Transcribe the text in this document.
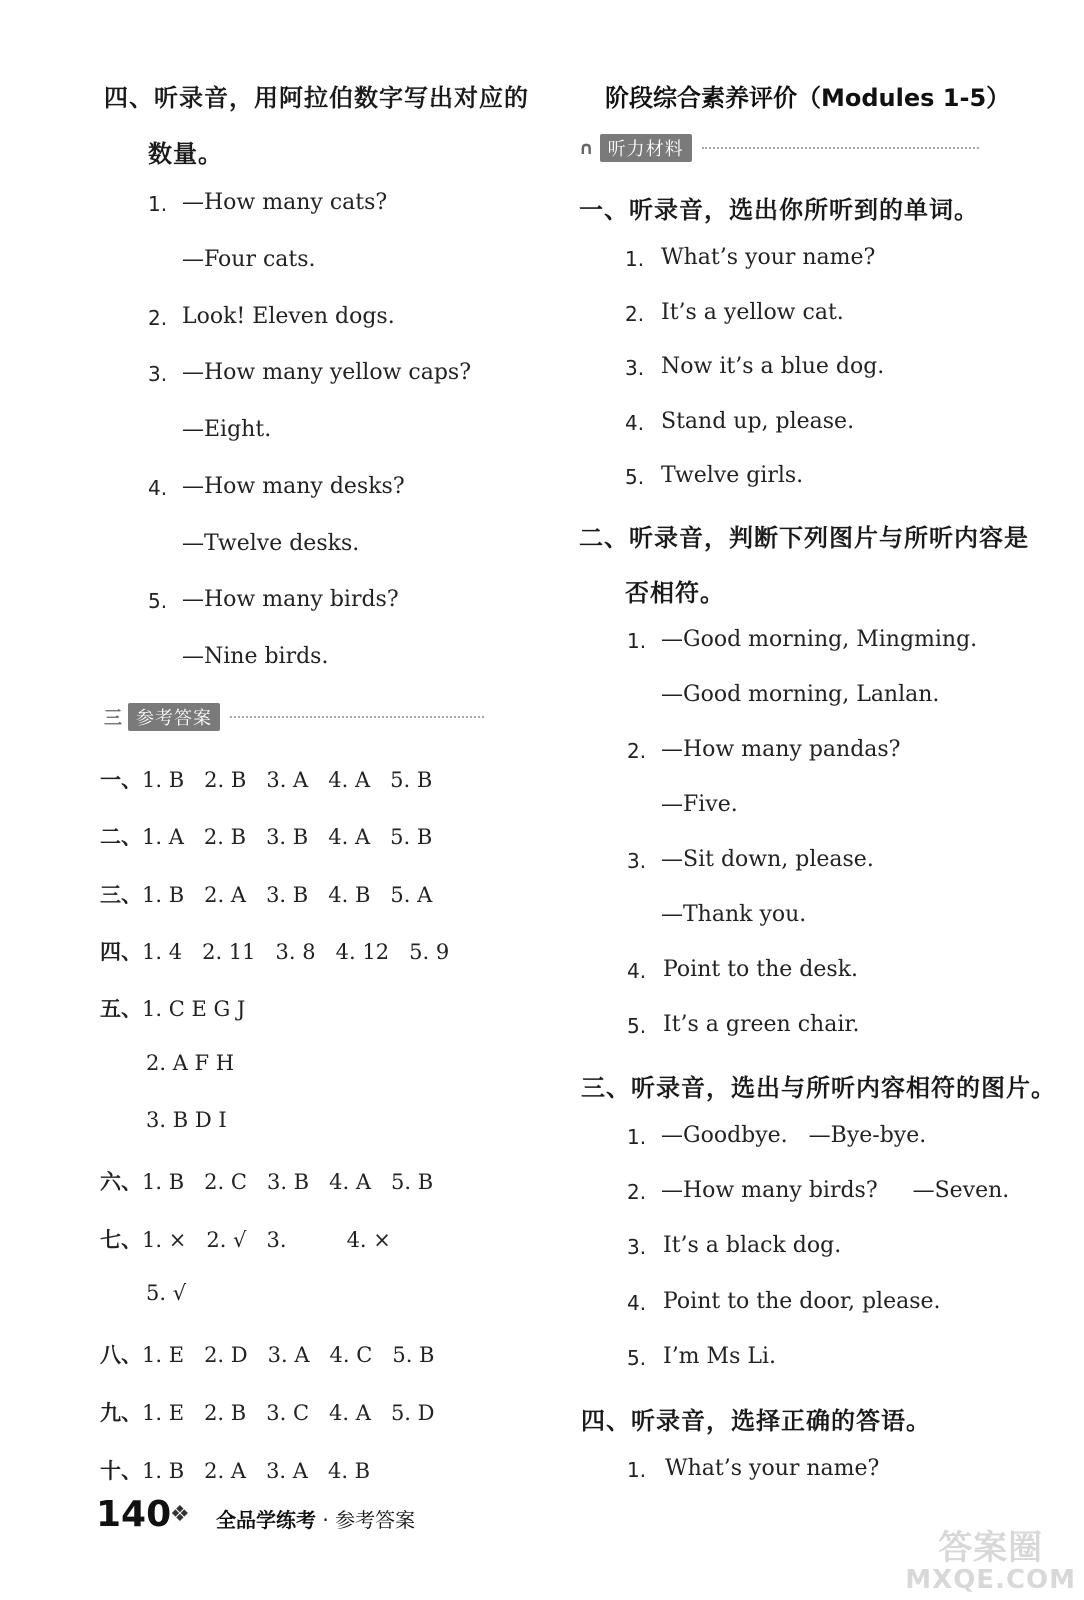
四、听录音，用阿拉伯数字写出对应的
数量。
1. —How many cats?
—Four cats.
2. Look! Eleven dogs.
3. —How many yellow caps?
—Eight.
4. —How many desks?
—Twelve desks.
5. —How many birds?
—Nine birds.
三 参考答案
一、1. B   2. B   3. A   4. A   5. B
二、1. A   2. B   3. B   4. A   5. B
三、1. B   2. A   3. B   4. B   5. A
四、1. 4   2. 11   3. 8   4. 12   5. 9
五、1. C E G J
2. A F H
3. B D I
六、1. B   2. C   3. B   4. A   5. B
七、1. ×   2. √   3.         4. ×
5. √
八、1. E   2. D   3. A   4. C   5. B
九、1. E   2. B   3. C   4. A   5. D
十、1. B   2. A   3. A   4. B
140
❖ 全品学练考 · 参考答案
阶段综合素养评价（Modules 1-5）
∩ 听力材料
一、听录音，选出你所听到的单词。
1. What’s your name?
2. It’s a yellow cat.
3. Now it’s a blue dog.
4. Stand up, please.
5. Twelve girls.
二、听录音，判断下列图片与所听内容是
否相符。
1. —Good morning, Mingming.
—Good morning, Lanlan.
2. —How many pandas?
—Five.
3. —Sit down, please.
—Thank you.
4. Point to the desk.
5. It’s a green chair.
三、听录音，选出与所听内容相符的图片。
1. —Goodbye.   —Bye-bye.
2. —How many birds?     —Seven.
3. It’s a black dog.
4. Point to the door, please.
5. I’m Ms Li.
四、听录音，选择正确的答语。
1. What’s your name?
答案圈
MXQE.COM
